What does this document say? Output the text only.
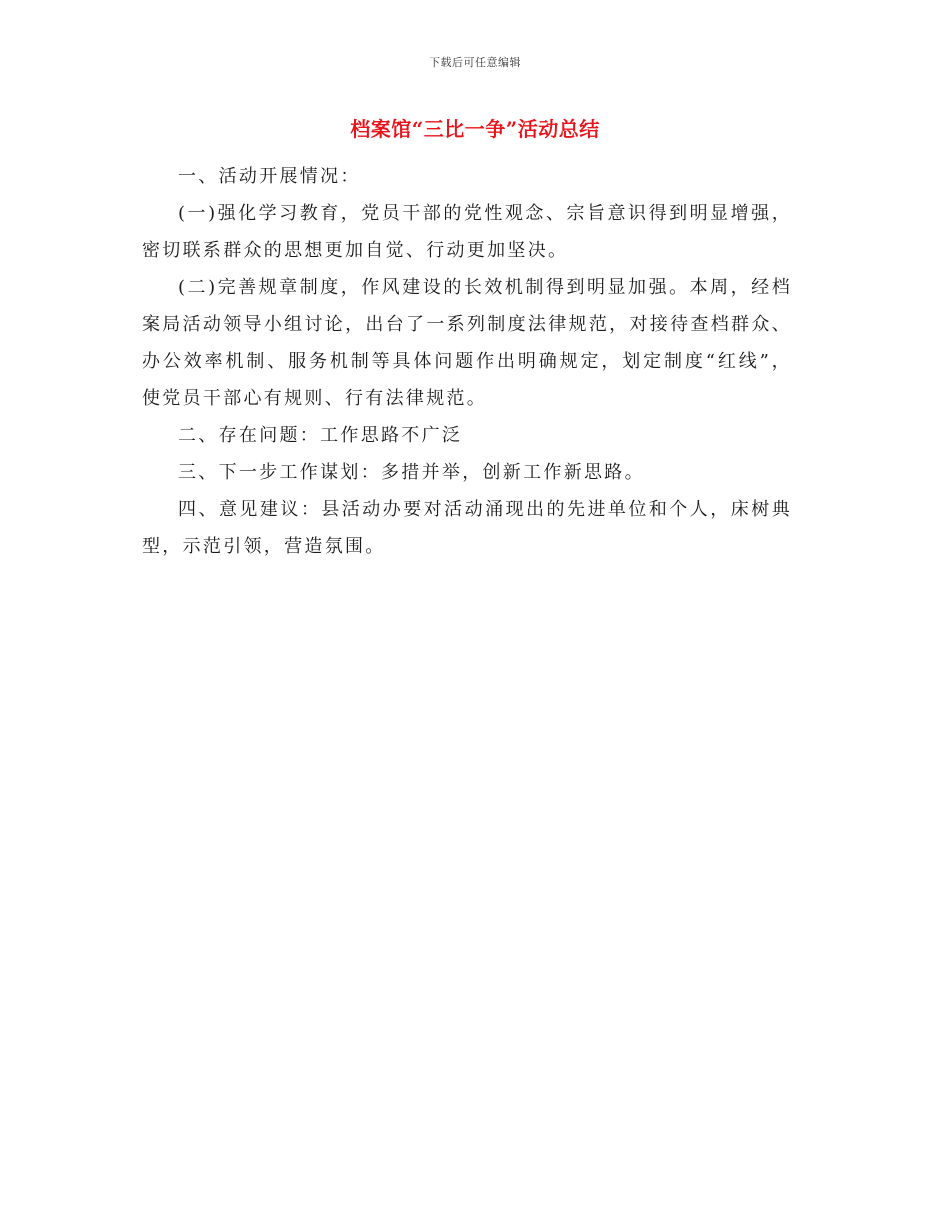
下载后可任意编辑
档案馆“三比一争”活动总结

一、活动开展情况：

(一)强化学习教育，党员干部的党性观念、宗旨意识得到明显增强，密切联系群众的思想更加自觉、行动更加坚决。

(二)完善规章制度，作风建设的长效机制得到明显加强。本周，经档案局活动领导小组讨论，出台了一系列制度法律规范，对接待查档群众、办公效率机制、服务机制等具体问题作出明确规定，划定制度“红线”，使党员干部心有规则、行有法律规范。

二、存在问题：工作思路不广泛

三、下一步工作谋划：多措并举，创新工作新思路。

四、意见建议：县活动办要对活动涌现出的先进单位和个人，床树典型，示范引领，营造氛围。
